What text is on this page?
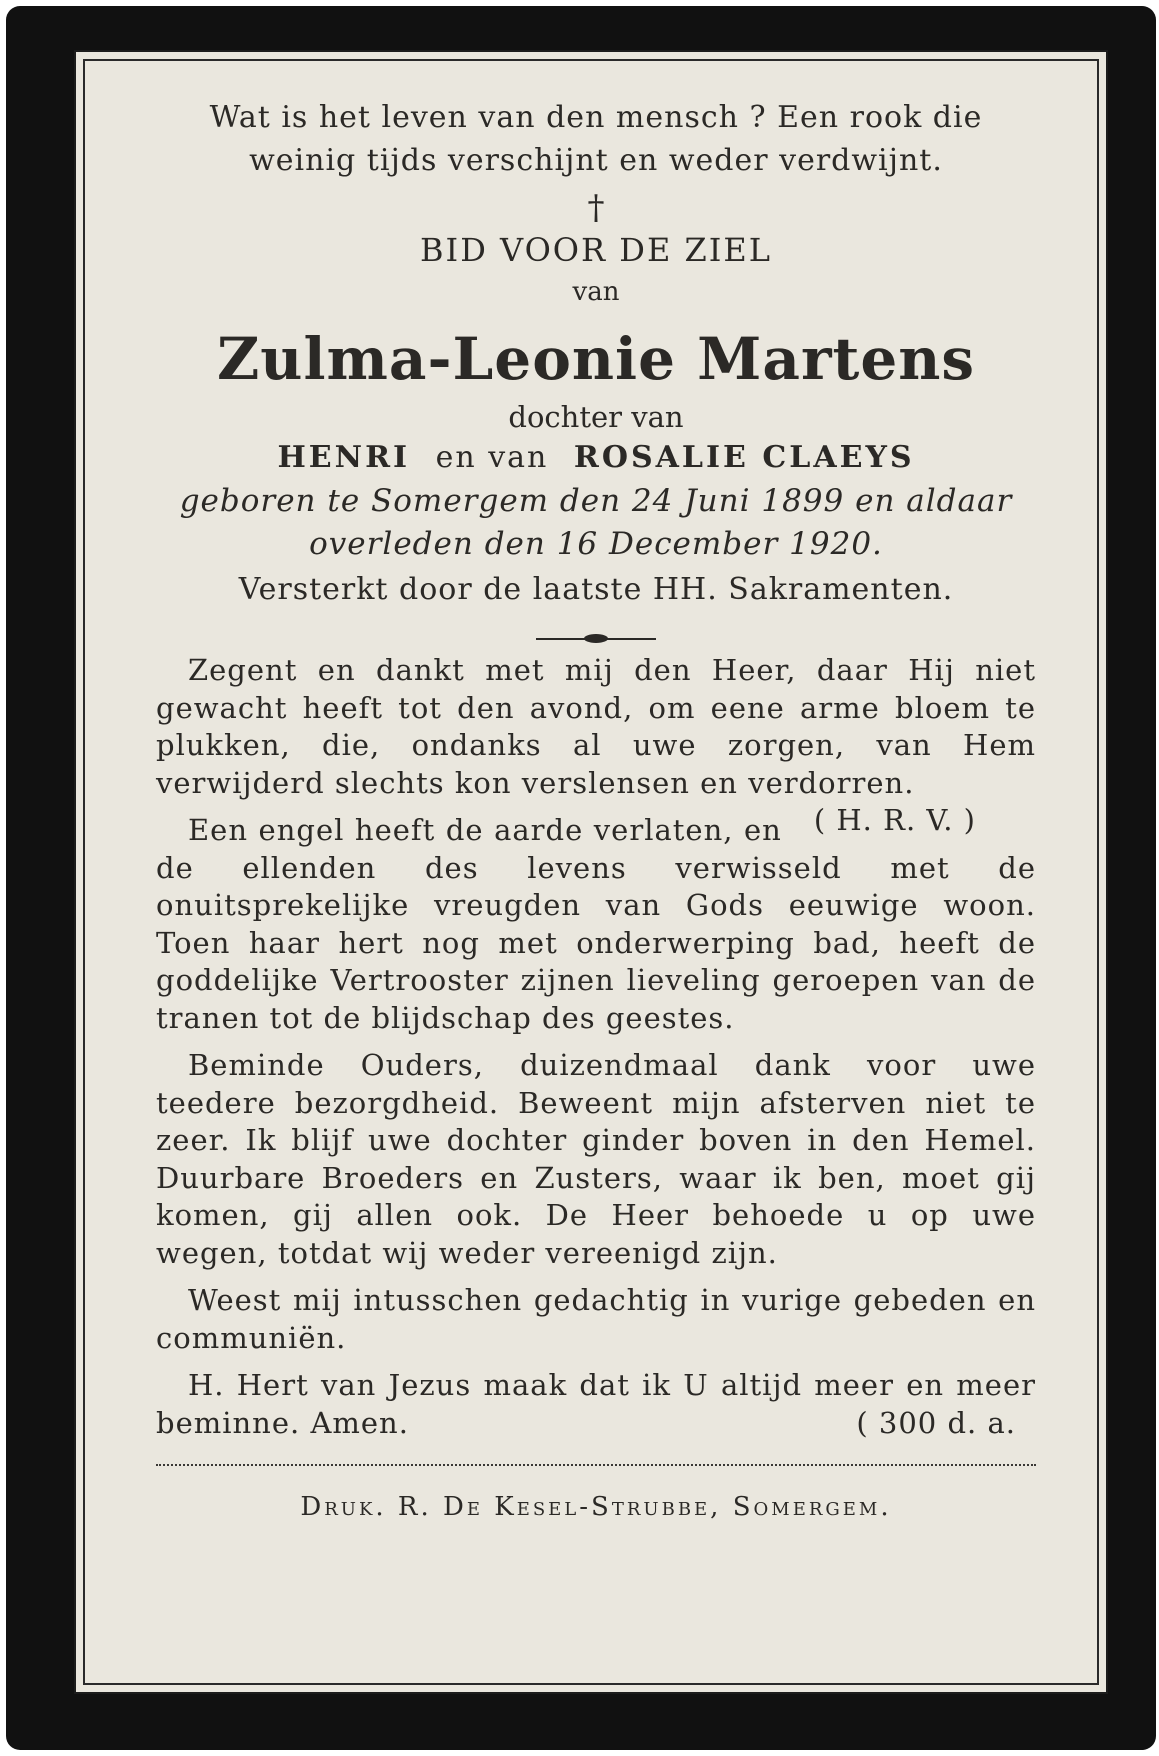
Wat is het leven van den mensch ? Een rook die
weinig tijds verschijnt en weder verdwijnt.

†
BID VOOR DE ZIEL
van
Zulma-Leonie Martens
dochter van
HENRI en van ROSALIE CLAEYS
geboren te Somergem den 24 Juni 1899 en aldaar
overleden den 16 December 1920.
Versterkt door de laatste HH. Sakramenten.

Zegent en dankt met mij den Heer, daar Hij niet gewacht heeft tot den avond, om eene arme bloem te plukken, die, ondanks al uwe zorgen, van Hem verwijderd slechts kon verslensen en verdorren.
( H. R. V. )

Een engel heeft de aarde verlaten, en de ellenden des levens verwisseld met de onuitsprekelijke vreugden van Gods eeuwige woon. Toen haar hert nog met onderwerping bad, heeft de goddelijke Vertrooster zijnen lieveling geroepen van de tranen tot de blijdschap des geestes.

Beminde Ouders, duizendmaal dank voor uwe teedere bezorgdheid. Beweent mijn afsterven niet te zeer. Ik blijf uwe dochter ginder boven in den Hemel. Duurbare Broeders en Zusters, waar ik ben, moet gij komen, gij allen ook. De Heer behoede u op uwe wegen, totdat wij weder vereenigd zijn.

Weest mij intusschen gedachtig in vurige gebeden en communiën.

H. Hert van Jezus maak dat ik U altijd meer en meer beminne. Amen.	( 300 d. a.

Druk. R. De Kesel-Strubbe, Somergem.
